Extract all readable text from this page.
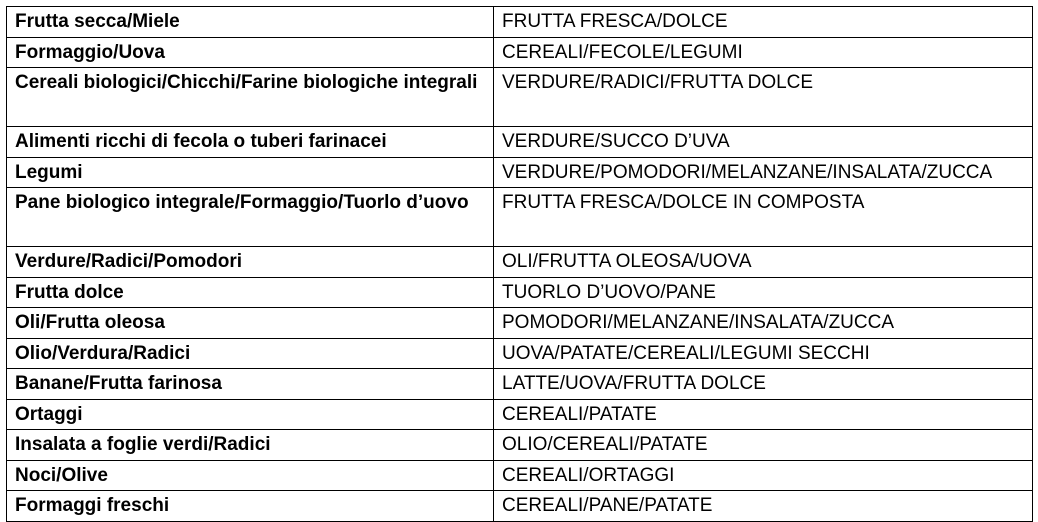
Frutta secca/Miele	FRUTTA FRESCA/DOLCE
Formaggio/Uova	CEREALI/FECOLE/LEGUMI
Cereali biologici/Chicchi/Farine biologiche integrali	VERDURE/RADICI/FRUTTA DOLCE
Alimenti ricchi di fecola o tuberi farinacei	VERDURE/SUCCO D’UVA
Legumi	VERDURE/POMODORI/MELANZANE/INSALATA/ZUCCA
Pane biologico integrale/Formaggio/Tuorlo d’uovo	FRUTTA FRESCA/DOLCE IN COMPOSTA
Verdure/Radici/Pomodori	OLI/FRUTTA OLEOSA/UOVA
Frutta dolce	TUORLO D’UOVO/PANE
Oli/Frutta oleosa	POMODORI/MELANZANE/INSALATA/ZUCCA
Olio/Verdura/Radici	UOVA/PATATE/CEREALI/LEGUMI SECCHI
Banane/Frutta farinosa	LATTE/UOVA/FRUTTA DOLCE
Ortaggi	CEREALI/PATATE
Insalata a foglie verdi/Radici	OLIO/CEREALI/PATATE
Noci/Olive	CEREALI/ORTAGGI
Formaggi freschi	CEREALI/PANE/PATATE
